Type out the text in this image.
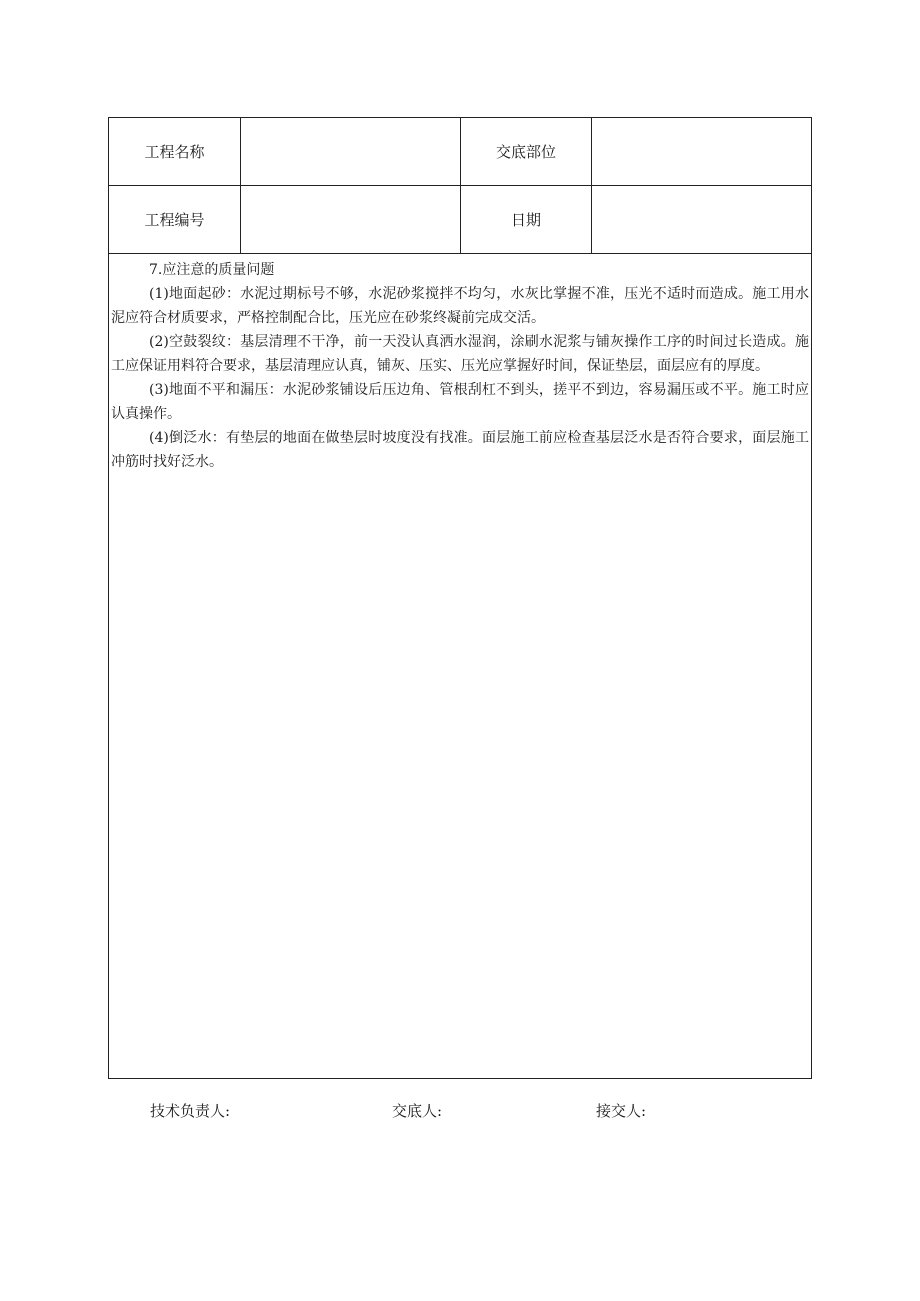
工程名称	交底部位
工程编号	日期

7.应注意的质量问题

(1)地面起砂：水泥过期标号不够，水泥砂浆搅拌不均匀，水灰比掌握不准，压光不适时而造成。施工用水泥应符合材质要求，严格控制配合比，压光应在砂浆终凝前完成交活。

(2)空鼓裂纹：基层清理不干净，前一天没认真洒水湿润，涂刷水泥浆与铺灰操作工序的时间过长造成。施工应保证用料符合要求，基层清理应认真，铺灰、压实、压光应掌握好时间，保证垫层，面层应有的厚度。

(3)地面不平和漏压：水泥砂浆铺设后压边角、管根刮杠不到头，搓平不到边，容易漏压或不平。施工时应认真操作。

(4)倒泛水：有垫层的地面在做垫层时坡度没有找准。面层施工前应检查基层泛水是否符合要求，面层施工冲筋时找好泛水。

技术负责人:	交底人:	接交人:
